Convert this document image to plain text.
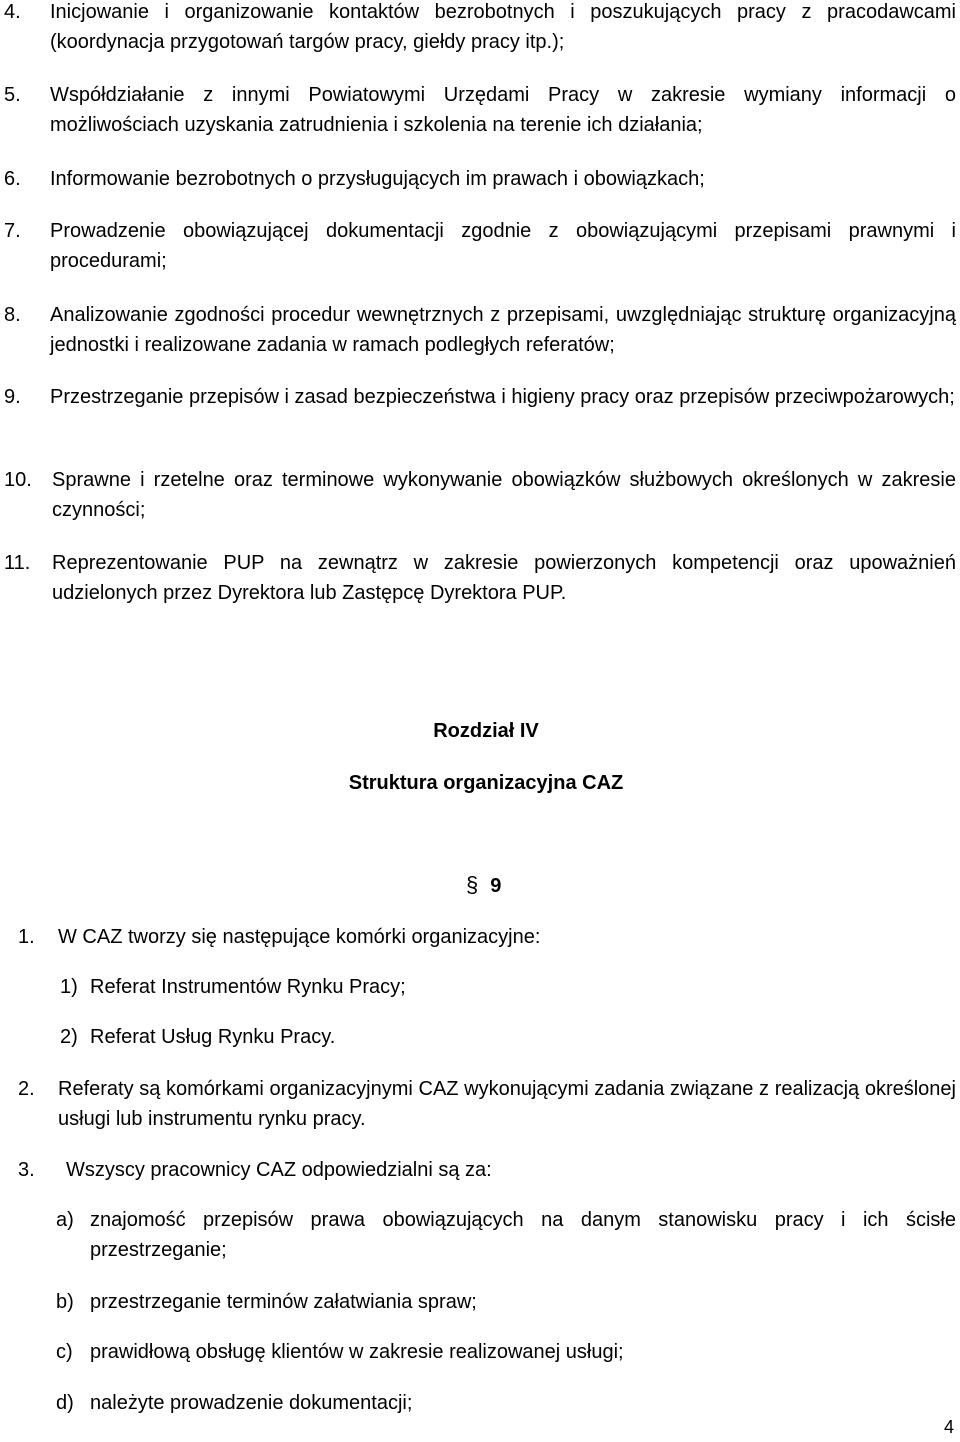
4. Inicjowanie i organizowanie kontaktów bezrobotnych i poszukujących pracy z pracodawcami (koordynacja przygotowań targów pracy, giełdy pracy itp.);
5. Współdziałanie z innymi Powiatowymi Urzędami Pracy w zakresie wymiany informacji o możliwościach uzyskania zatrudnienia i szkolenia na terenie ich działania;
6. Informowanie bezrobotnych o przysługujących im prawach i obowiązkach;
7. Prowadzenie obowiązującej dokumentacji zgodnie z obowiązującymi przepisami prawnymi i procedurami;
8. Analizowanie zgodności procedur wewnętrznych z przepisami, uwzględniając strukturę organizacyjną jednostki i realizowane zadania w ramach podległych referatów;
9. Przestrzeganie przepisów i zasad bezpieczeństwa i higieny pracy oraz przepisów przeciwpożarowych;
10. Sprawne i rzetelne oraz terminowe wykonywanie obowiązków służbowych określonych w zakresie czynności;
11. Reprezentowanie PUP na zewnątrz w zakresie powierzonych kompetencji oraz upoważnień udzielonych przez Dyrektora lub Zastępcę Dyrektora PUP.
Rozdział IV
Struktura organizacyjna CAZ
§ 9
1. W CAZ tworzy się następujące komórki organizacyjne:
1) Referat Instrumentów Rynku Pracy;
2) Referat Usług Rynku Pracy.
2. Referaty są komórkami organizacyjnymi CAZ wykonującymi zadania związane z realizacją określonej usługi lub instrumentu rynku pracy.
3. Wszyscy pracownicy CAZ odpowiedzialni są za:
a) znajomość przepisów prawa obowiązujących na danym stanowisku pracy i ich ścisłe przestrzeganie;
b) przestrzeganie terminów załatwiania spraw;
c) prawidłową obsługę klientów w zakresie realizowanej usługi;
d) należyte prowadzenie dokumentacji;
4
